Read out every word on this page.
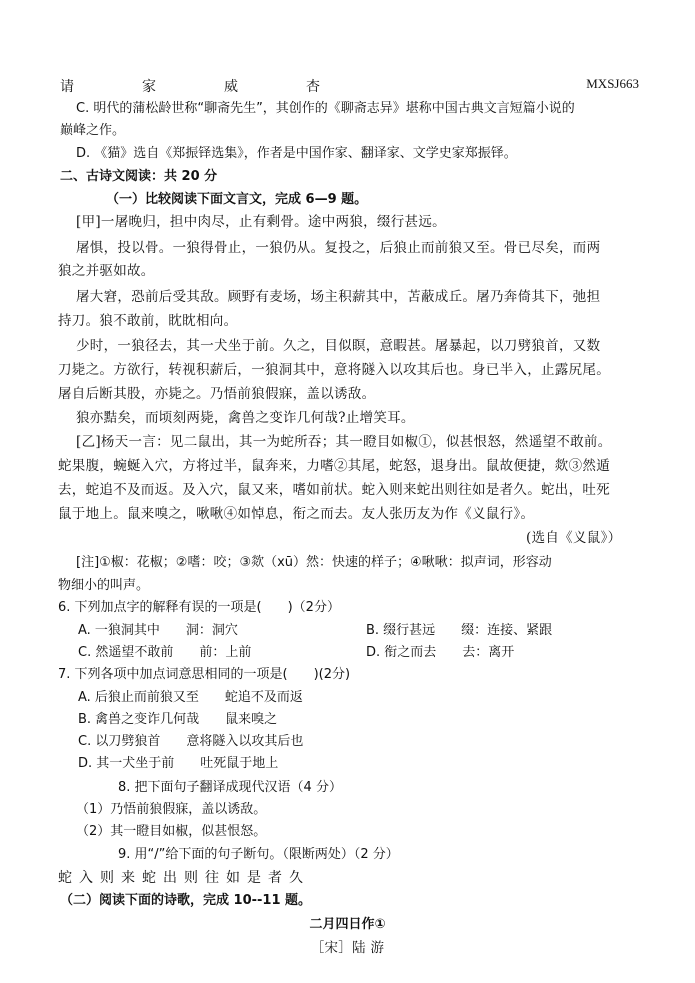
请	家	威	杏	MXSJ663
C. 明代的蒲松龄世称“聊斋先生”，其创作的《聊斋志异》堪称中国古典文言短篇小说的
巅峰之作。
D. 《猫》选自《郑振铎选集》，作者是中国作家、翻译家、文学史家郑振铎。
二、古诗文阅读：共 20 分
（一）比较阅读下面文言文，完成 6—9 题。
[甲]一屠晚归，担中肉尽，止有剩骨。途中两狼，缀行甚远。
屠惧，投以骨。一狼得骨止，一狼仍从。复投之，后狼止而前狼又至。骨已尽矣，而两
狼之并驱如故。
屠大窘，恐前后受其敌。顾野有麦场，场主积薪其中，苫蔽成丘。屠乃奔倚其下，弛担
持刀。狼不敢前，眈眈相向。
少时，一狼径去，其一犬坐于前。久之，目似瞑，意暇甚。屠暴起，以刀劈狼首，又数
刀毙之。方欲行，转视积薪后，一狼洞其中，意将隧入以攻其后也。身已半入，止露尻尾。
屠自后断其股，亦毙之。乃悟前狼假寐，盖以诱敌。
狼亦黠矣，而顷刻两毙，禽兽之变诈几何哉?止增笑耳。
[乙]杨天一言：见二鼠出，其一为蛇所吞；其一瞪目如椒①，似甚恨怒，然遥望不敢前。
蛇果腹，蜿蜒入穴，方将过半，鼠奔来，力嗜②其尾，蛇怒，退身出。鼠故便捷，欻③然遁
去，蛇追不及而返。及入穴，鼠又来，嗜如前状。蛇入则来蛇出则往如是者久。蛇出，吐死
鼠于地上。鼠来嗅之，啾啾④如悼息，衔之而去。友人张历友为作《义鼠行》。
(选自《义鼠》）
[注]①椒：花椒；②嗜：咬；③欻（xū）然：快速的样子；④啾啾：拟声词，形容动
物细小的叫声。
6. 下列加点字的解释有误的一项是(　　)（2分）
A. 一狼洞其中　　洞：洞穴	B. 缀行甚远　　缀：连接、紧跟
C. 然遥望不敢前　　前：上前	D. 衔之而去　　去：离开
7. 下列各项中加点词意思相同的一项是(　　)(2分)
A. 后狼止而前狼又至　　蛇追不及而返
B. 禽兽之变诈几何哉　　鼠来嗅之
C. 以刀劈狼首　　意将隧入以攻其后也
D. 其一犬坐于前　　吐死鼠于地上
8. 把下面句子翻译成现代汉语（4 分）
（1）乃悟前狼假寐，盖以诱敌。
（2）其一瞪目如椒，似甚恨怒。
9. 用“/”给下面的句子断句。（限断两处）（2 分）
蛇入则来蛇出则往如是者久
（二）阅读下面的诗歌，完成 10--11 题。
二月四日作①
［宋］陆 游
